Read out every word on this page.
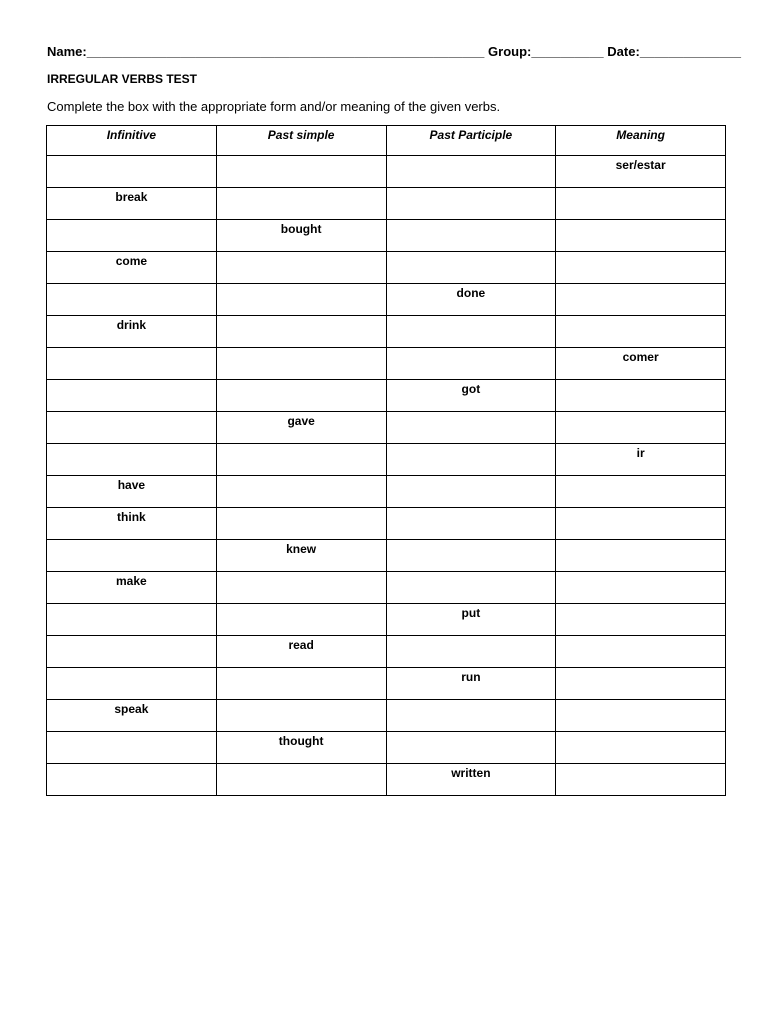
Name:_______________________________________________________ Group:__________ Date:______________
IRREGULAR VERBS TEST
Complete the box with the appropriate form and/or meaning of the given verbs.
Infinitive	Past simple	Past Participle	Meaning
			ser/estar
break			
	bought		
come			
		done	
drink			
			comer
		got	
	gave		
			ir
have			
think			
	knew		
make			
		put	
	read		
		run	
speak			
	thought		
		written	
